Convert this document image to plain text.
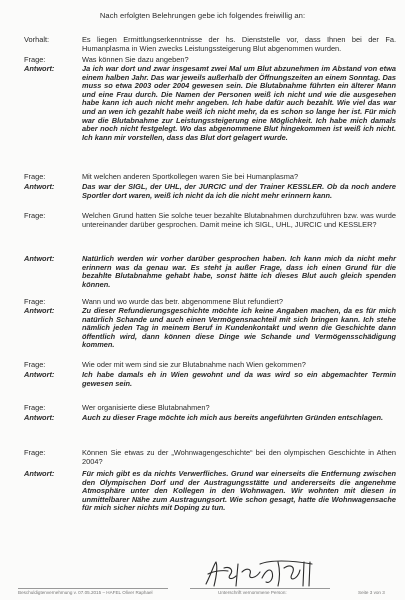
Nach erfolgten Belehrungen gebe ich folgendes freiwillig an:
Vorhalt:	Es liegen Ermittlungserkenntnisse der hs. Dienststelle vor, dass Ihnen bei der Fa. Humanplasma in Wien zwecks Leistungssteigerung Blut abgenommen wurden.
Frage:	Was können Sie dazu angeben?
Antwort:	Ja ich war dort und zwar insgesamt zwei Mal um Blut abzunehmen im Abstand von etwa einem halben Jahr. Das war jeweils außerhalb der Öffnungszeiten an einem Sonntag. Das muss so etwa 2003 oder 2004 gewesen sein. Die Blutabnahme führten ein älterer Mann und eine Frau durch. Die Namen der Personen weiß ich nicht und wie die ausgesehen habe kann ich auch nicht mehr angeben. Ich habe dafür auch bezahlt. Wie viel das war und an wen ich gezahlt habe weiß ich nicht mehr, da es schon so lange her ist. Für mich war die Blutabnahme zur Leistungssteigerung eine Möglichkeit. Ich habe mich damals aber noch nicht festgelegt. Wo das abgenommene Blut hingekommen ist weiß ich nicht. Ich kann mir vorstellen, dass das Blut dort gelagert wurde.
Frage:	Mit welchen anderen Sportkollegen waren Sie bei Humanplasma?
Antwort:	Das war der SIGL, der UHL, der JURCIC und der Trainer KESSLER. Ob da noch andere Sportler dort waren, weiß ich nicht da ich die nicht mehr erinnern kann.
Frage:	Welchen Grund hatten Sie solche teuer bezahlte Blutabnahmen durchzuführen bzw. was wurde untereinander darüber gesprochen. Damit meine ich SIGL, UHL, JURCIC und KESSLER?
Antwort:	Natürlich werden wir vorher darüber gesprochen haben. Ich kann mich da nicht mehr erinnern was da genau war. Es steht ja außer Frage, dass ich einen Grund für die bezahlte Blutabnahme gehabt habe, sonst hätte ich dieses Blut auch gleich spenden können.
Frage:	Wann und wo wurde das betr. abgenommene Blut refundiert?
Antwort:	Zu dieser Refundierungsgeschichte möchte ich keine Angaben machen, da es für mich natürlich Schande und auch einen Vermögensnachteil mit sich bringen kann. Ich stehe nämlich jeden Tag in meinem Beruf in Kundenkontakt und wenn die Geschichte dann öffentlich wird, dann können diese Dinge wie Schande und Vermögensschädigung kommen.
Frage:	Wie oder mit wem sind sie zur Blutabnahme nach Wien gekommen?
Antwort:	Ich habe damals eh in Wien gewohnt und da was wird so ein abgemachter Termin gewesen sein.
Frage:	Wer organisierte diese Blutabnahmen?
Antwort:	Auch zu dieser Frage möchte ich mich aus bereits angeführten Gründen entschlagen.
Frage:	Können Sie etwas zu der „Wohnwagengeschichte“ bei den olympischen Geschichte in Athen 2004?
Antwort:	Für mich gibt es da nichts Verwerfliches. Grund war einerseits die Entfernung zwischen den Olympischen Dorf und der Austragungsstätte und andererseits die angenehme Atmosphäre unter den Kollegen in den Wohnwagen. Wir wohnten mit diesen in unmittelbarer Nähe zum Austragungsort. Wie schon gesagt, hatte die Wohnwagensache für mich sicher nichts mit Doping zu tun.
Beschuldigtenvernehmung v. 07.05.2015 – HAFEL Oliver Raphael	Unterschrift vernommene Person:	Seite 3 von 3
